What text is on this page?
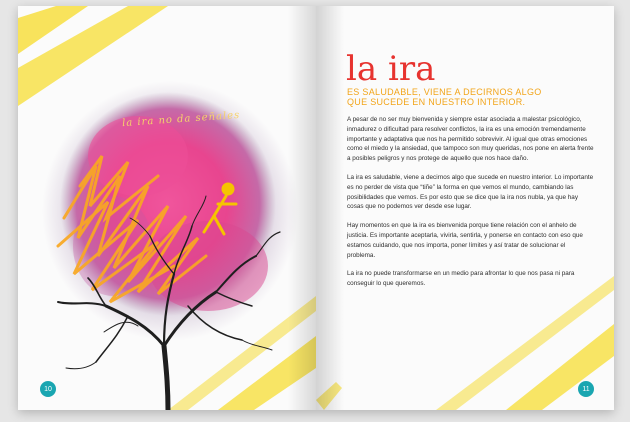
la ira no da señales
10
la ira
ES SALUDABLE, VIENE A DECIRNOS ALGO
QUE SUCEDE EN NUESTRO INTERIOR.

A pesar de no ser muy bienvenida y siempre estar asociada a malestar psicológico, inmadurez o dificultad para resolver conflictos, la ira es una emoción tremendamente importante y adaptativa que nos ha permitido sobrevivir. Al igual que otras emociones como el miedo y la ansiedad, que tampoco son muy queridas, nos pone en alerta frente a posibles peligros y nos protege de aquello que nos hace daño.

La ira es saludable, viene a decirnos algo que sucede en nuestro interior. Lo importante es no perder de vista que “tiñe” la forma en que vemos el mundo, cambiando las posibilidades que vemos. Es por esto que se dice que la ira nos nubla, ya que hay cosas que no podemos ver desde ese lugar.

Hay momentos en que la ira es bienvenida porque tiene relación con el anhelo de justicia. Es importante aceptarla, vivirla, sentirla, y ponerse en contacto con eso que estamos cuidando, que nos importa, poner límites y así tratar de solucionar el problema.

La ira no puede transformarse en un medio para afrontar lo que nos pasa ni para conseguir lo que queremos.

11
